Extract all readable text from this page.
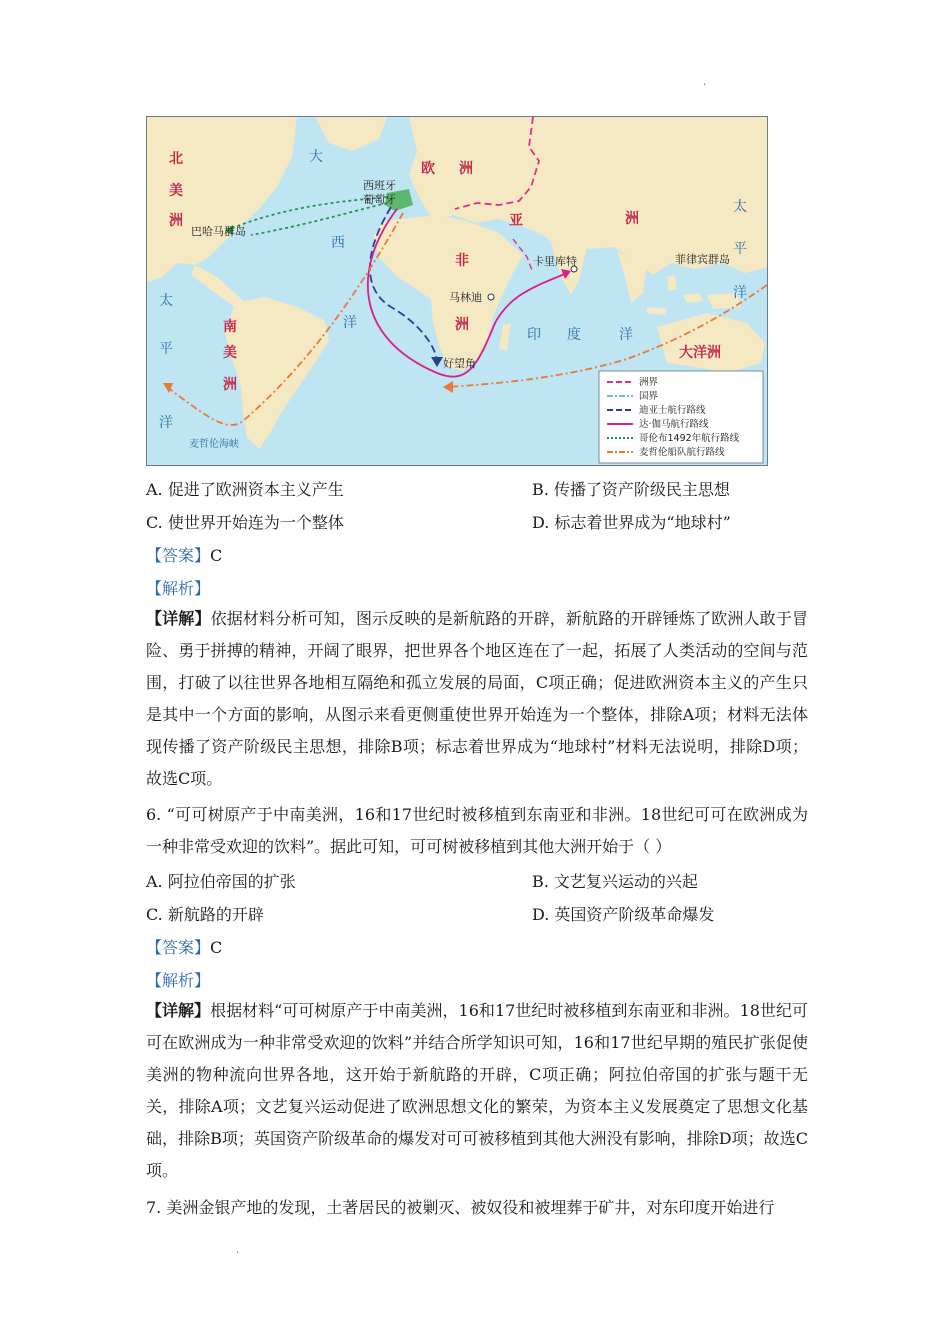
·
北
美
洲
南
美
洲
欧 洲
亚	洲
非
洲
大洋洲
大
西
洋
太
平
洋
太
平
洋
印 度	洋
西班牙
葡萄牙
巴哈马群岛
卡里库特
马林迪
菲律宾群岛
好望角
麦哲伦海峡
洲界
国界
迪亚士航行路线
达·伽马航行路线
哥伦布1492年航行路线
麦哲伦船队航行路线
A. 促进了欧洲资本主义产生	B. 传播了资产阶级民主思想
C. 使世界开始连为一个整体	D. 标志着世界成为“地球村”
【答案】C
【解析】
【详解】依据材料分析可知，图示反映的是新航路的开辟，新航路的开辟锤炼了欧洲人敢于冒险、勇于拼搏的精神，开阔了眼界，把世界各个地区连在了一起，拓展了人类活动的空间与范围，打破了以往世界各地相互隔绝和孤立发展的局面，C项正确；促进欧洲资本主义的产生只是其中一个方面的影响，从图示来看更侧重使世界开始连为一个整体，排除A项；材料无法体现传播了资产阶级民主思想，排除B项；标志着世界成为“地球村”材料无法说明，排除D项；故选C项。
6. “可可树原产于中南美洲，16和17世纪时被移植到东南亚和非洲。18世纪可可在欧洲成为一种非常受欢迎的饮料”。据此可知，可可树被移植到其他大洲开始于（ ）
A. 阿拉伯帝国的扩张	B. 文艺复兴运动的兴起
C. 新航路的开辟	D. 英国资产阶级革命爆发
【答案】C
【解析】
【详解】根据材料“可可树原产于中南美洲，16和17世纪时被移植到东南亚和非洲。18世纪可可在欧洲成为一种非常受欢迎的饮料”并结合所学知识可知，16和17世纪早期的殖民扩张促使美洲的物种流向世界各地，这开始于新航路的开辟，C项正确；阿拉伯帝国的扩张与题干无关，排除A项；文艺复兴运动促进了欧洲思想文化的繁荣，为资本主义发展奠定了思想文化基础，排除B项；英国资产阶级革命的爆发对可可被移植到其他大洲没有影响，排除D项；故选C项。
7. 美洲金银产地的发现，土著居民的被剿灭、被奴役和被埋葬于矿井，对东印度开始进行
·
